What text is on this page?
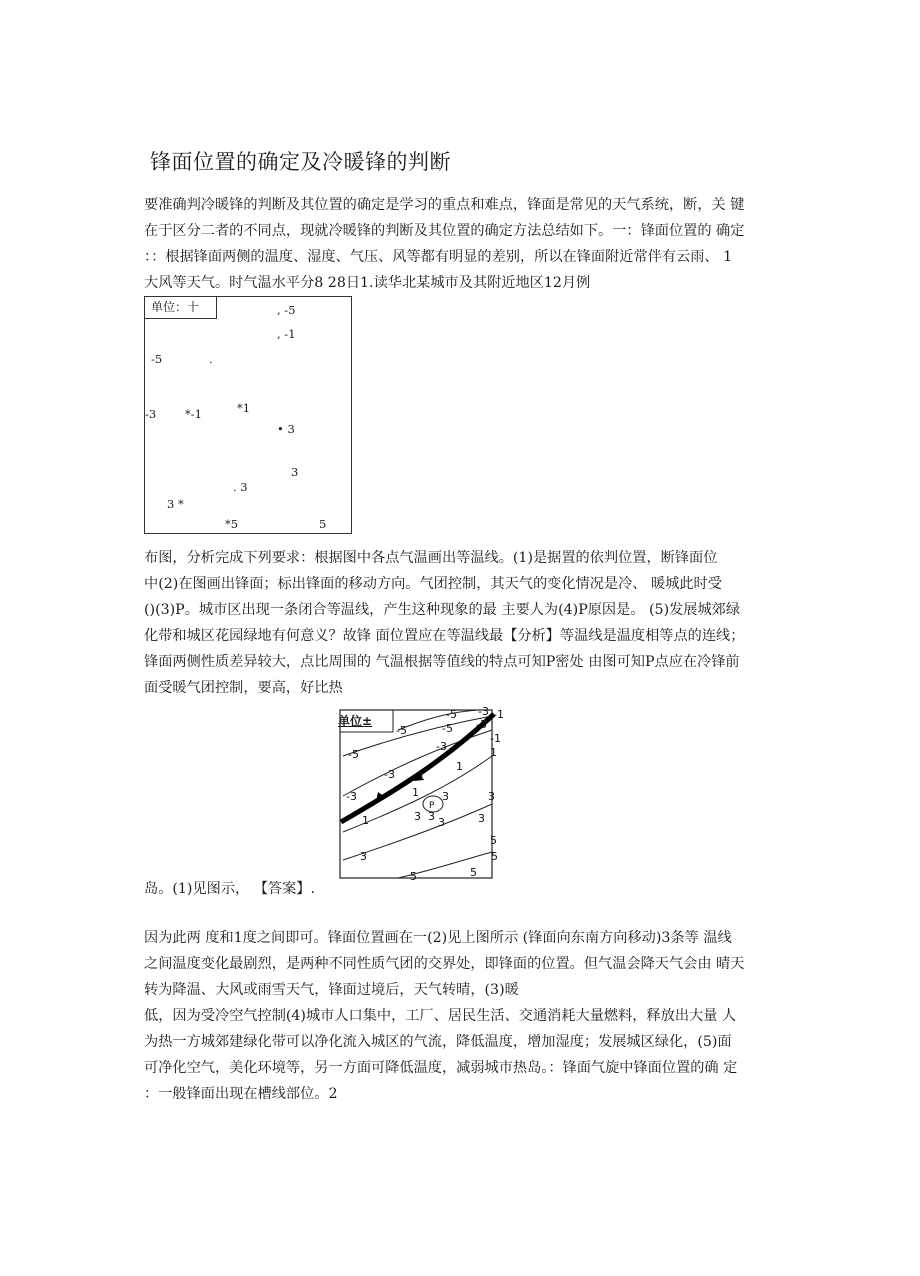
锋面位置的确定及冷暖锋的判断

要准确判冷暖锋的判断及其位置的确定是学习的重点和难点，锋面是常见的天气系统，断，关 键
在于区分二者的不同点，现就冷暖锋的判断及其位置的确定方法总结如下。一：锋面位置的 确定
：：根据锋面两侧的温度、湿度、气压、风等都有明显的差别，所以在锋面附近常伴有云雨、 1
大风等天气。时气温水平分8 28日1.读华北某城市及其附近地区12月例

单位：十	, -5
, -1
-5	.
-3	*-1	*1
• 3
3
. 3
3 *
*5	5

布图，分析完成下列要求：根据图中各点气温画出等温线。(1)是据置的依判位置，断锋面位
中(2)在图画出锋面；标出锋面的移动方向。气团控制，其天气的变化情况是冷、 暖城此时受
()(3)P。城市区出现一条闭合等温线，产生这种现象的最 主要人为(4)P原因是。 (5)发展城郊绿
化带和城区花园绿地有何意义？故锋 面位置应在等温线最【分析】等温线是温度相等点的连线；
锋面两侧性质差异较大，点比周围的 气温根据等值线的特点可知P密处 由图可知P点应在冷锋前
面受暖气团控制，要高，好比热

-5 -3 -1
-5	-5 -3
-1
1
-5
-3
-3
1
1
-3	1 3
P
3
1	3 3 3	3
3	5
5
5
5
单位±
岛。(1)见图示， 【答案】.

因为此两 度和1度之间即可。锋面位置画在一(2)见上图所示 (锋面向东南方向移动)3条等 温线
之间温度变化最剧烈，是两种不同性质气团的交界处，即锋面的位置。但气温会降天气会由 晴天
转为降温、大风或雨雪天气，锋面过境后，天气转晴，(3)暖
低，因为受冷空气控制(4)城市人口集中，工厂、居民生活、交通消耗大量燃料，释放出大量 人
为热一方城郊建绿化带可以净化流入城区的气流，降低温度，增加湿度；发展城区绿化，(5)面
可净化空气，美化环境等，另一方面可降低温度，减弱城市热岛。：锋面气旋中锋面位置的确 定
：一般锋面出现在槽线部位。2
